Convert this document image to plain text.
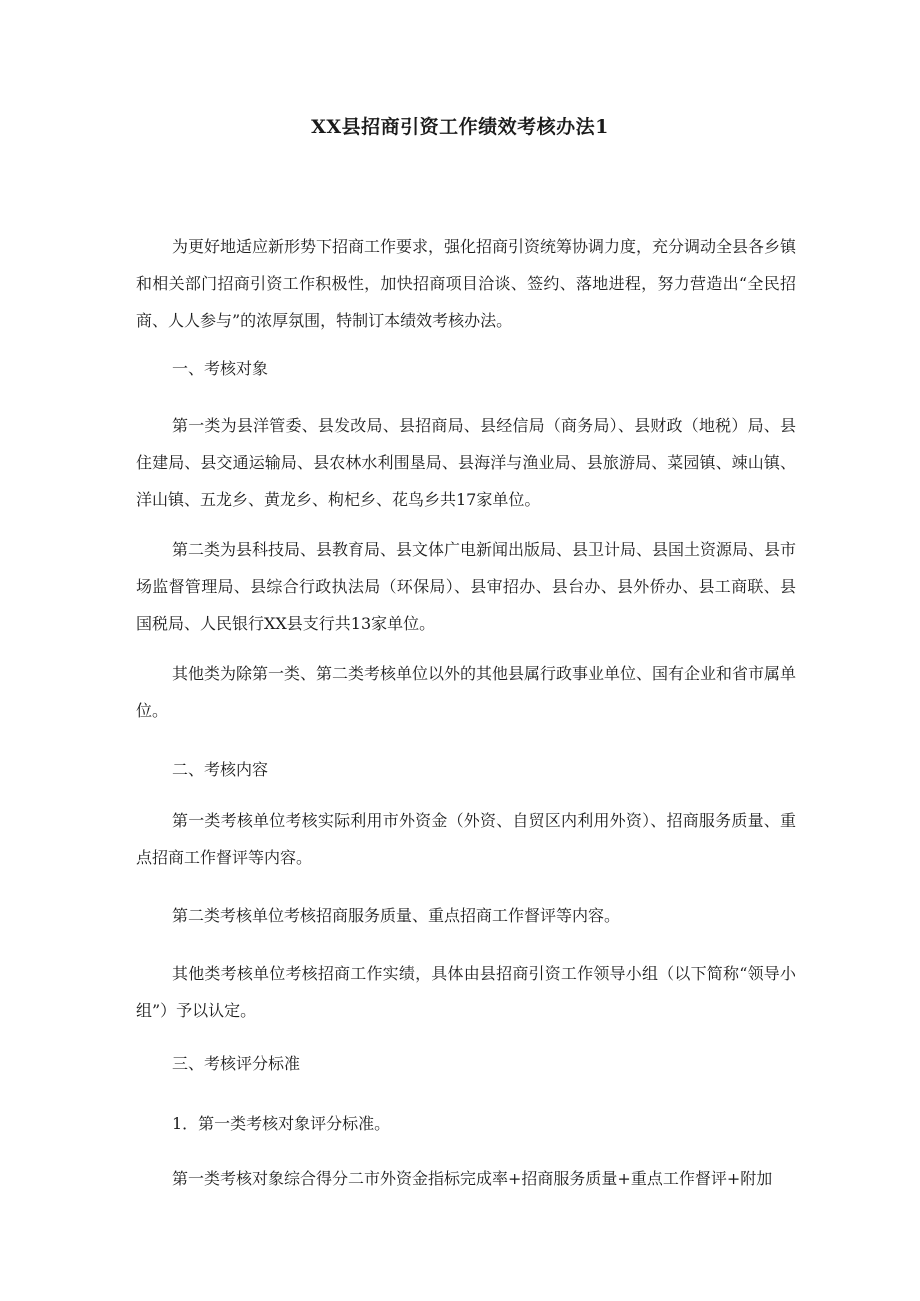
XX县招商引资工作绩效考核办法1

为更好地适应新形势下招商工作要求，强化招商引资统筹协调力度，充分调动全县各乡镇和相关部门招商引资工作积极性，加快招商项目洽谈、签约、落地进程，努力营造出“全民招商、人人参与”的浓厚氛围，特制订本绩效考核办法。

一、考核对象

第一类为县洋管委、县发改局、县招商局、县经信局（商务局）、县财政（地税）局、县住建局、县交通运输局、县农林水利围垦局、县海洋与渔业局、县旅游局、菜园镇、竦山镇、洋山镇、五龙乡、黄龙乡、枸杞乡、花鸟乡共17家单位。

第二类为县科技局、县教育局、县文体广电新闻出版局、县卫计局、县国土资源局、县市场监督管理局、县综合行政执法局（环保局）、县审招办、县台办、县外侨办、县工商联、县国税局、人民银行XX县支行共13家单位。

其他类为除第一类、第二类考核单位以外的其他县属行政事业单位、国有企业和省市属单位。

二、考核内容

第一类考核单位考核实际利用市外资金（外资、自贸区内利用外资）、招商服务质量、重点招商工作督评等内容。

第二类考核单位考核招商服务质量、重点招商工作督评等内容。

其他类考核单位考核招商工作实绩，具体由县招商引资工作领导小组（以下简称“领导小组”）予以认定。

三、考核评分标准

1．第一类考核对象评分标准。

第一类考核对象综合得分二市外资金指标完成率+招商服务质量+重点工作督评+附加
